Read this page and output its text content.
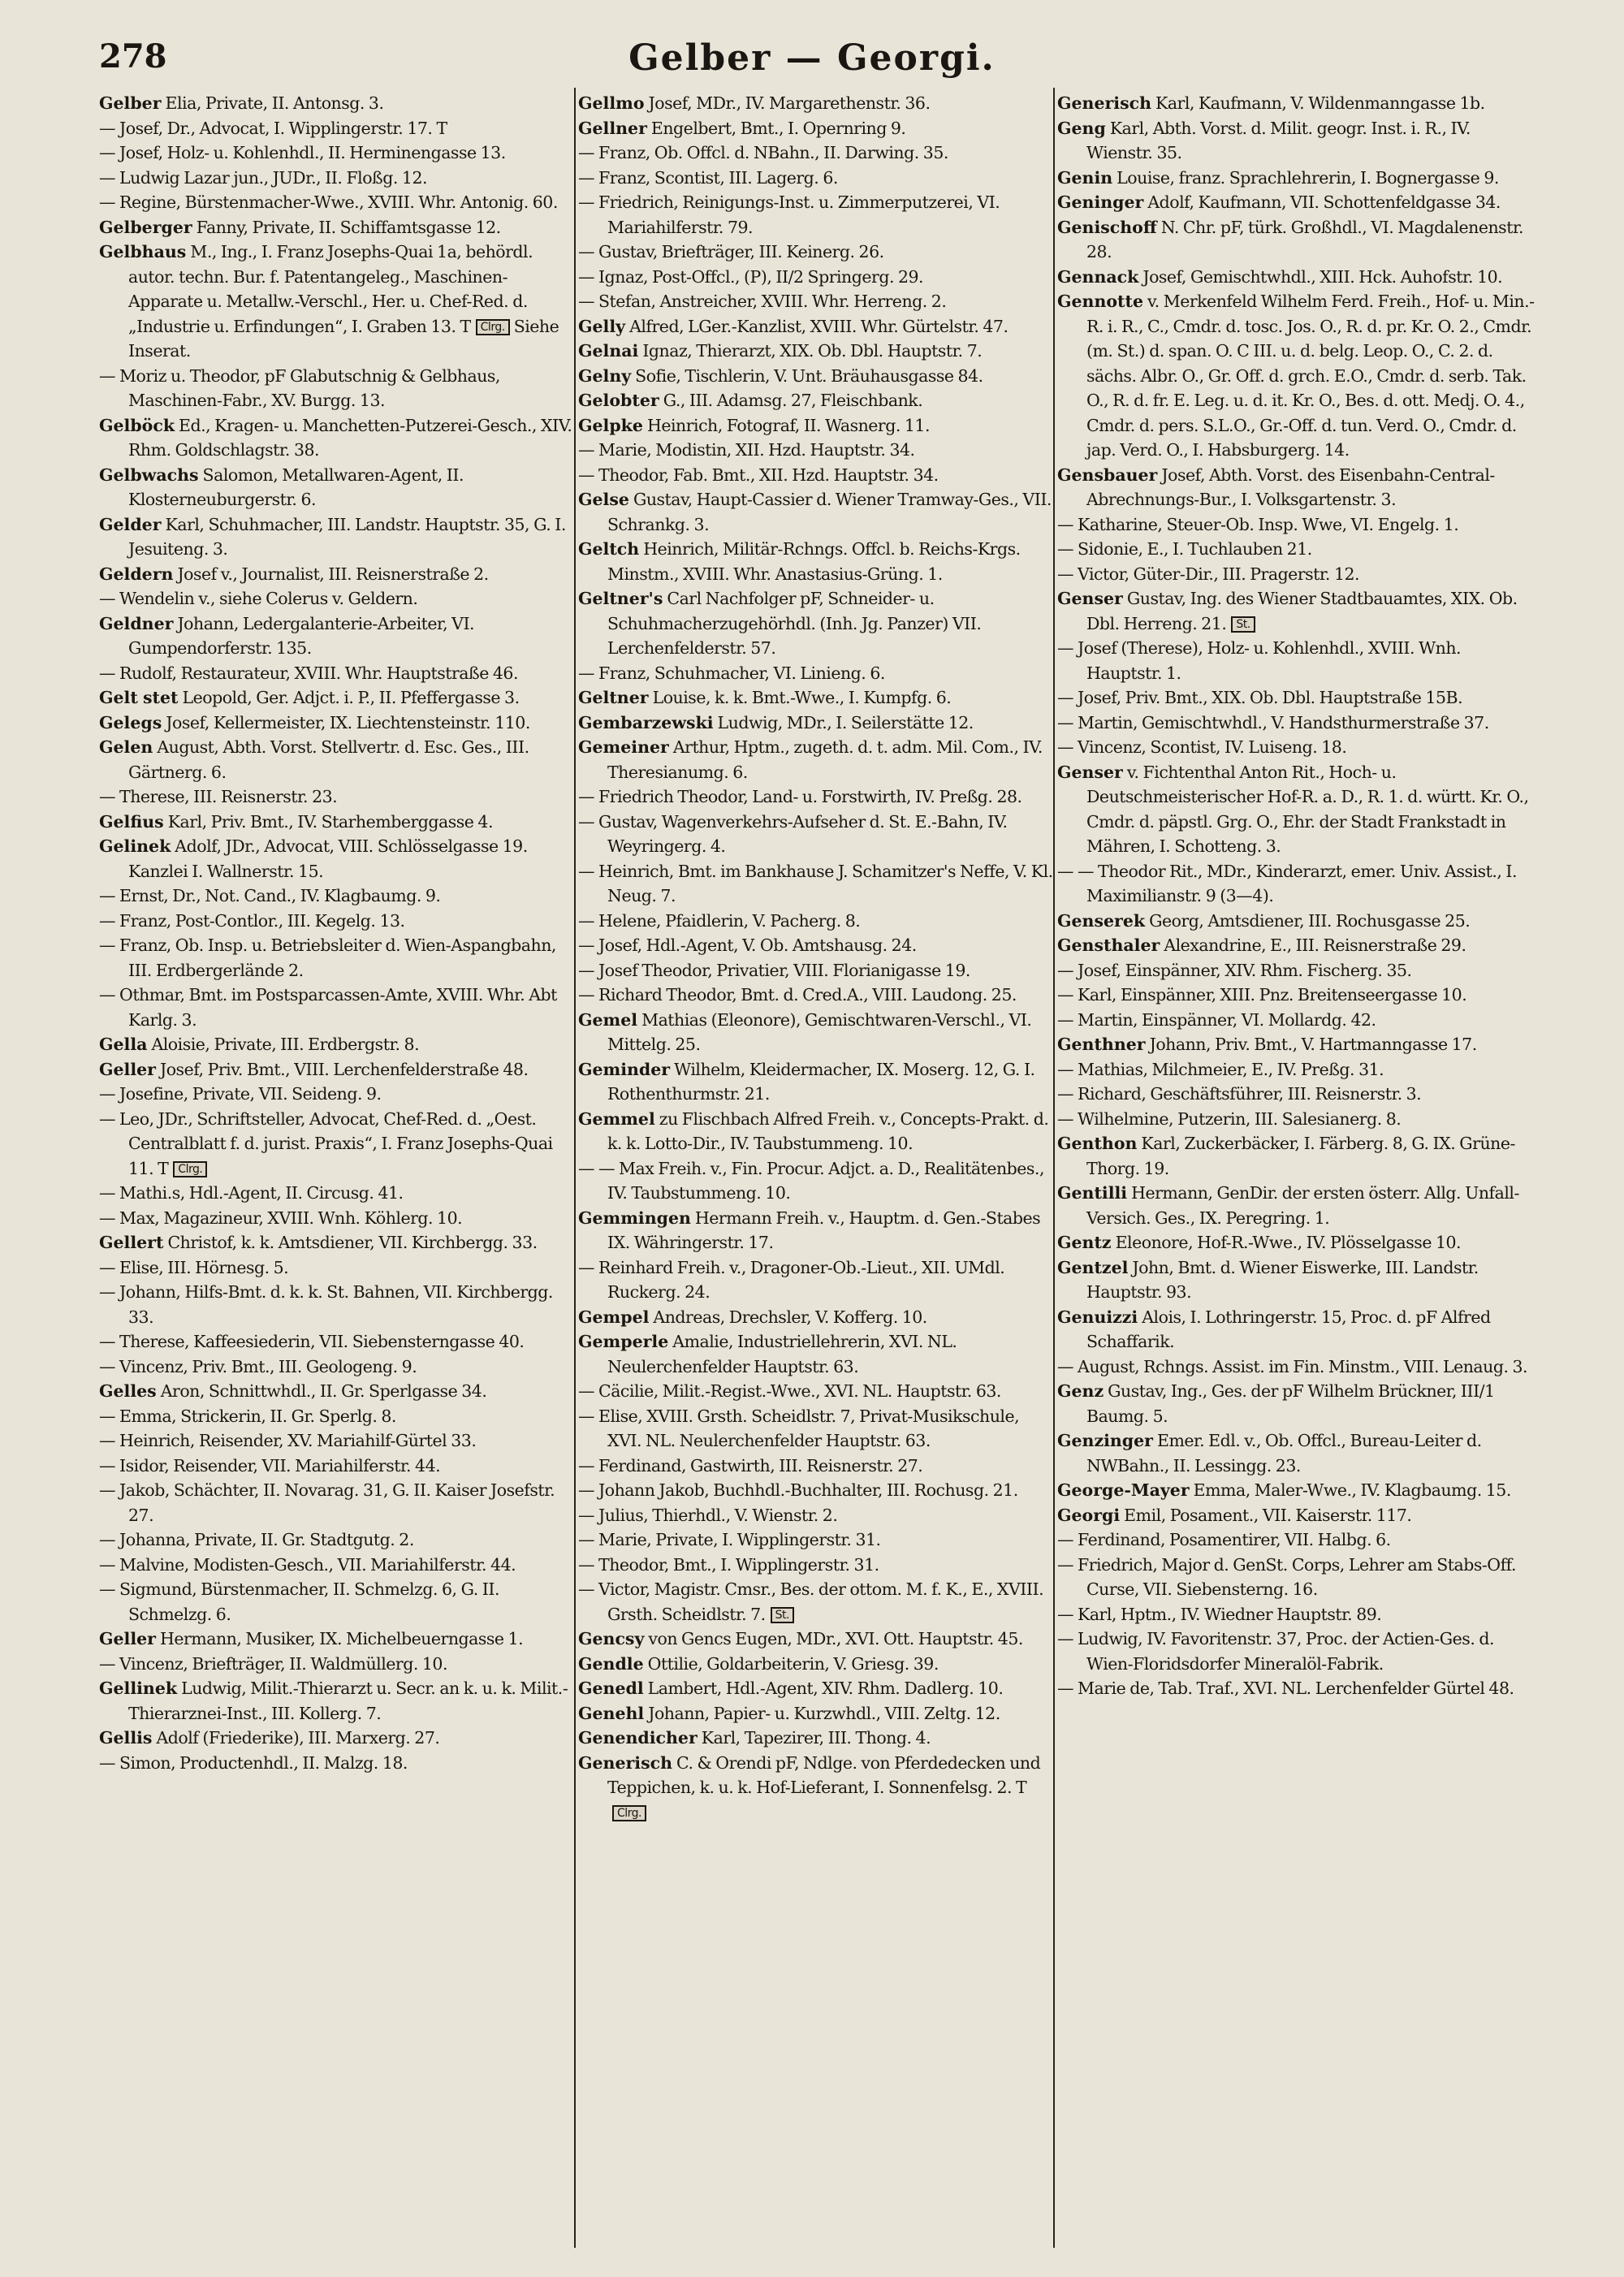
278	Gelber — Georgi.
Gelber Elia, Private, II. Antonsg. 3.
— Josef, Dr., Advocat, I. Wipplingerstr. 17. T
— Josef, Holz- u. Kohlenhdl., II. Herminengasse 13.
— Ludwig Lazar jun., JUDr., II. Floßg. 12.
— Regine, Bürstenmacher-Wwe., XVIII. Whr. Antonig. 60.
Gelberger Fanny, Private, II. Schiffamtsgasse 12.
Gelbhaus M., Ing., I. Franz Josephs-Quai 1a, behördl. autor. techn. Bur. f. Patentangeleg., Maschinen-Apparate u. Metallw.-Verschl., Her. u. Chef-Red. d. „Industrie u. Erfindungen“, I. Graben 13. T Clrg. Siehe Inserat.
— Moriz u. Theodor, pF Glabutschnig & Gelbhaus, Maschinen-Fabr., XV. Burgg. 13.
Gelböck Ed., Kragen- u. Manchetten-Putzerei-Gesch., XIV. Rhm. Goldschlagstr. 38.
Gelbwachs Salomon, Metallwaren-Agent, II. Klosterneuburgerstr. 6.
Gelder Karl, Schuhmacher, III. Landstr. Hauptstr. 35, G. I. Jesuiteng. 3.
Geldern Josef v., Journalist, III. Reisnerstraße 2.
— Wendelin v., siehe Colerus v. Geldern.
Geldner Johann, Ledergalanterie-Arbeiter, VI. Gumpendorferstr. 135.
— Rudolf, Restaurateur, XVIII. Whr. Hauptstraße 46.
Gelt stet Leopold, Ger. Adjct. i. P., II. Pfeffergasse 3.
Gelegs Josef, Kellermeister, IX. Liechtensteinstr. 110.
Gelen August, Abth. Vorst. Stellvertr. d. Esc. Ges., III. Gärtnerg. 6.
— Therese, III. Reisnerstr. 23.
Gelfius Karl, Priv. Bmt., IV. Starhemberggasse 4.
Gelinek Adolf, JDr., Advocat, VIII. Schlösselgasse 19. Kanzlei I. Wallnerstr. 15.
— Ernst, Dr., Not. Cand., IV. Klagbaumg. 9.
— Franz, Post-Contlor., III. Kegelg. 13.
— Franz, Ob. Insp. u. Betriebsleiter d. Wien-Aspangbahn, III. Erdbergerlände 2.
— Othmar, Bmt. im Postsparcassen-Amte, XVIII. Whr. Abt Karlg. 3.
Gella Aloisie, Private, III. Erdbergstr. 8.
Geller Josef, Priv. Bmt., VIII. Lerchenfelderstraße 48.
— Josefine, Private, VII. Seideng. 9.
— Leo, JDr., Schriftsteller, Advocat, Chef-Red. d. „Oest. Centralblatt f. d. jurist. Praxis“, I. Franz Josephs-Quai 11. T Clrg.
— Mathi.s, Hdl.-Agent, II. Circusg. 41.
— Max, Magazineur, XVIII. Wnh. Köhlerg. 10.
Gellert Christof, k. k. Amtsdiener, VII. Kirchbergg. 33.
— Elise, III. Hörnesg. 5.
— Johann, Hilfs-Bmt. d. k. k. St. Bahnen, VII. Kirchbergg. 33.
— Therese, Kaffeesiederin, VII. Siebensterngasse 40.
— Vincenz, Priv. Bmt., III. Geologeng. 9.
Gelles Aron, Schnittwhdl., II. Gr. Sperlgasse 34.
— Emma, Strickerin, II. Gr. Sperlg. 8.
— Heinrich, Reisender, XV. Mariahilf-Gürtel 33.
— Isidor, Reisender, VII. Mariahilferstr. 44.
— Jakob, Schächter, II. Novarag. 31, G. II. Kaiser Josefstr. 27.
— Johanna, Private, II. Gr. Stadtgutg. 2.
— Malvine, Modisten-Gesch., VII. Mariahilferstr. 44.
— Sigmund, Bürstenmacher, II. Schmelzg. 6, G. II. Schmelzg. 6.
Geller Hermann, Musiker, IX. Michelbeuerngasse 1.
— Vincenz, Briefträger, II. Waldmüllerg. 10.
Gellinek Ludwig, Milit.-Thierarzt u. Secr. an k. u. k. Milit.-Thierarznei-Inst., III. Kollerg. 7.
Gellis Adolf (Friederike), III. Marxerg. 27.
— Simon, Productenhdl., II. Malzg. 18.
Gellmo Josef, MDr., IV. Margarethenstr. 36.
Gellner Engelbert, Bmt., I. Opernring 9.
— Franz, Ob. Offcl. d. NBahn., II. Darwing. 35.
— Franz, Scontist, III. Lagerg. 6.
— Friedrich, Reinigungs-Inst. u. Zimmerputzerei, VI. Mariahilferstr. 79.
— Gustav, Briefträger, III. Keinerg. 26.
— Ignaz, Post-Offcl., (P), II/2 Springerg. 29.
— Stefan, Anstreicher, XVIII. Whr. Herreng. 2.
Gelly Alfred, LGer.-Kanzlist, XVIII. Whr. Gürtelstr. 47.
Gelnai Ignaz, Thierarzt, XIX. Ob. Dbl. Hauptstr. 7.
Gelny Sofie, Tischlerin, V. Unt. Bräuhausgasse 84.
Gelobter G., III. Adamsg. 27, Fleischbank.
Gelpke Heinrich, Fotograf, II. Wasnerg. 11.
— Marie, Modistin, XII. Hzd. Hauptstr. 34.
— Theodor, Fab. Bmt., XII. Hzd. Hauptstr. 34.
Gelse Gustav, Haupt-Cassier d. Wiener Tramway-Ges., VII. Schrankg. 3.
Geltch Heinrich, Militär-Rchngs. Offcl. b. Reichs-Krgs. Minstm., XVIII. Whr. Anastasius-Grüng. 1.
Geltner's Carl Nachfolger pF, Schneider- u. Schuhmacherzugehörhdl. (Inh. Jg. Panzer) VII. Lerchenfelderstr. 57.
— Franz, Schuhmacher, VI. Linieng. 6.
Geltner Louise, k. k. Bmt.-Wwe., I. Kumpfg. 6.
Gembarzewski Ludwig, MDr., I. Seilerstätte 12.
Gemeiner Arthur, Hptm., zugeth. d. t. adm. Mil. Com., IV. Theresianumg. 6.
— Friedrich Theodor, Land- u. Forstwirth, IV. Preßg. 28.
— Gustav, Wagenverkehrs-Aufseher d. St. E.-Bahn, IV. Weyringerg. 4.
— Heinrich, Bmt. im Bankhause J. Schamitzer's Neffe, V. Kl. Neug. 7.
— Helene, Pfaidlerin, V. Pacherg. 8.
— Josef, Hdl.-Agent, V. Ob. Amtshausg. 24.
— Josef Theodor, Privatier, VIII. Florianigasse 19.
— Richard Theodor, Bmt. d. Cred.A., VIII. Laudong. 25.
Gemel Mathias (Eleonore), Gemischtwaren-Verschl., VI. Mittelg. 25.
Geminder Wilhelm, Kleidermacher, IX. Moserg. 12, G. I. Rothenthurmstr. 21.
Gemmel zu Flischbach Alfred Freih. v., Concepts-Prakt. d. k. k. Lotto-Dir., IV. Taubstummeng. 10.
— — Max Freih. v., Fin. Procur. Adjct. a. D., Realitätenbes., IV. Taubstummeng. 10.
Gemmingen Hermann Freih. v., Hauptm. d. Gen.-Stabes IX. Währingerstr. 17.
— Reinhard Freih. v., Dragoner-Ob.-Lieut., XII. UMdl. Ruckerg. 24.
Gempel Andreas, Drechsler, V. Kofferg. 10.
Gemperle Amalie, Industriellehrerin, XVI. NL. Neulerchenfelder Hauptstr. 63.
— Cäcilie, Milit.-Regist.-Wwe., XVI. NL. Hauptstr. 63.
— Elise, XVIII. Grsth. Scheidlstr. 7, Privat-Musikschule, XVI. NL. Neulerchenfelder Hauptstr. 63.
— Ferdinand, Gastwirth, III. Reisnerstr. 27.
— Johann Jakob, Buchhdl.-Buchhalter, III. Rochusg. 21.
— Julius, Thierhdl., V. Wienstr. 2.
— Marie, Private, I. Wipplingerstr. 31.
— Theodor, Bmt., I. Wipplingerstr. 31.
— Victor, Magistr. Cmsr., Bes. der ottom. M. f. K., E., XVIII. Grsth. Scheidlstr. 7. St.
Gencsy von Gencs Eugen, MDr., XVI. Ott. Hauptstr. 45.
Gendle Ottilie, Goldarbeiterin, V. Griesg. 39.
Genedl Lambert, Hdl.-Agent, XIV. Rhm. Dadlerg. 10.
Genehl Johann, Papier- u. Kurzwhdl., VIII. Zeltg. 12.
Genendicher Karl, Tapezirer, III. Thong. 4.
Generisch C. & Orendi pF, Ndlge. von Pferdedecken und Teppichen, k. u. k. Hof-Lieferant, I. Sonnenfelsg. 2. TClrg.
Generisch Karl, Kaufmann, V. Wildenmanngasse 1b.
Geng Karl, Abth. Vorst. d. Milit. geogr. Inst. i. R., IV. Wienstr. 35.
Genin Louise, franz. Sprachlehrerin, I. Bognergasse 9.
Geninger Adolf, Kaufmann, VII. Schottenfeldgasse 34.
Genischoff N. Chr. pF, türk. Großhdl., VI. Magdalenenstr. 28.
Gennack Josef, Gemischtwhdl., XIII. Hck. Auhofstr. 10.
Gennotte v. Merkenfeld Wilhelm Ferd. Freih., Hof- u. Min.-R. i. R., C., Cmdr. d. tosc. Jos. O., R. d. pr. Kr. O. 2., Cmdr. (m. St.) d. span. O. C III. u. d. belg. Leop. O., C. 2. d. sächs. Albr. O., Gr. Off. d. grch. E.O., Cmdr. d. serb. Tak. O., R. d. fr. E. Leg. u. d. it. Kr. O., Bes. d. ott. Medj. O. 4., Cmdr. d. pers. S.L.O., Gr.-Off. d. tun. Verd. O., Cmdr. d. jap. Verd. O., I. Habsburgerg. 14.
Gensbauer Josef, Abth. Vorst. des Eisenbahn-Central-Abrechnungs-Bur., I. Volksgartenstr. 3.
— Katharine, Steuer-Ob. Insp. Wwe, VI. Engelg. 1.
— Sidonie, E., I. Tuchlauben 21.
— Victor, Güter-Dir., III. Pragerstr. 12.
Genser Gustav, Ing. des Wiener Stadtbauamtes, XIX. Ob. Dbl. Herreng. 21. St.
— Josef (Therese), Holz- u. Kohlenhdl., XVIII. Wnh. Hauptstr. 1.
— Josef, Priv. Bmt., XIX. Ob. Dbl. Hauptstraße 15B.
— Martin, Gemischtwhdl., V. Handsthurmerstraße 37.
— Vincenz, Scontist, IV. Luiseng. 18.
Genser v. Fichtenthal Anton Rit., Hoch- u. Deutschmeisterischer Hof-R. a. D., R. 1. d. württ. Kr. O., Cmdr. d. päpstl. Grg. O., Ehr. der Stadt Frankstadt in Mähren, I. Schotteng. 3.
— — Theodor Rit., MDr., Kinderarzt, emer. Univ. Assist., I. Maximilianstr. 9 (3—4).
Genserek Georg, Amtsdiener, III. Rochusgasse 25.
Gensthaler Alexandrine, E., III. Reisnerstraße 29.
— Josef, Einspänner, XIV. Rhm. Fischerg. 35.
— Karl, Einspänner, XIII. Pnz. Breitenseergasse 10.
— Martin, Einspänner, VI. Mollardg. 42.
Genthner Johann, Priv. Bmt., V. Hartmanngasse 17.
— Mathias, Milchmeier, E., IV. Preßg. 31.
— Richard, Geschäftsführer, III. Reisnerstr. 3.
— Wilhelmine, Putzerin, III. Salesianerg. 8.
Genthon Karl, Zuckerbäcker, I. Färberg. 8, G. IX. Grüne-Thorg. 19.
Gentilli Hermann, GenDir. der ersten österr. Allg. Unfall-Versich. Ges., IX. Peregring. 1.
Gentz Eleonore, Hof-R.-Wwe., IV. Plösselgasse 10.
Gentzel John, Bmt. d. Wiener Eiswerke, III. Landstr. Hauptstr. 93.
Genuizzi Alois, I. Lothringerstr. 15, Proc. d. pF Alfred Schaffarik.
— August, Rchngs. Assist. im Fin. Minstm., VIII. Lenaug. 3.
Genz Gustav, Ing., Ges. der pF Wilhelm Brückner, III/1 Baumg. 5.
Genzinger Emer. Edl. v., Ob. Offcl., Bureau-Leiter d. NWBahn., II. Lessingg. 23.
George-Mayer Emma, Maler-Wwe., IV. Klagbaumg. 15.
Georgi Emil, Posament., VII. Kaiserstr. 117.
— Ferdinand, Posamentirer, VII. Halbg. 6.
— Friedrich, Major d. GenSt. Corps, Lehrer am Stabs-Off. Curse, VII. Siebensterng. 16.
— Karl, Hptm., IV. Wiedner Hauptstr. 89.
— Ludwig, IV. Favoritenstr. 37, Proc. der Actien-Ges. d. Wien-Floridsdorfer Mineralöl-Fabrik.
— Marie de, Tab. Traf., XVI. NL. Lerchenfelder Gürtel 48.
